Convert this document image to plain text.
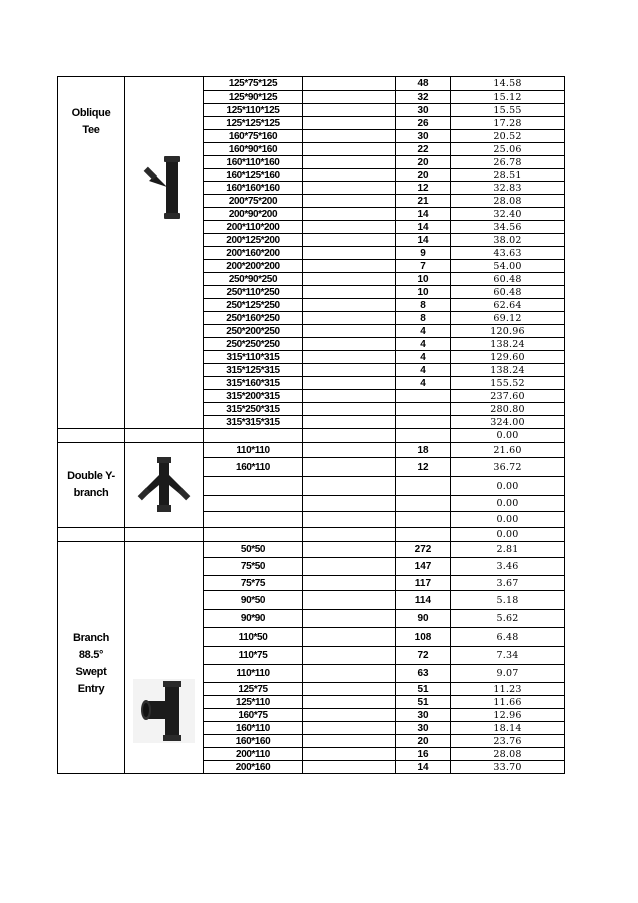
Oblique
Tee		125*75*125		48	14.58
		125*90*125		32	15.12
		125*110*125		30	15.55
		125*125*125		26	17.28
		160*75*160		30	20.52
		160*90*160		22	25.06
		160*110*160		20	26.78
		160*125*160		20	28.51
		160*160*160		12	32.83
		200*75*200		21	28.08
		200*90*200		14	32.40
		200*110*200		14	34.56
		200*125*200		14	38.02
		200*160*200		9	43.63
		200*200*200		7	54.00
		250*90*250		10	60.48
		250*110*250		10	60.48
		250*125*250		8	62.64
		250*160*250		8	69.12
		250*200*250		4	120.96
		250*250*250		4	138.24
		315*110*315		4	129.60
		315*125*315		4	138.24
		315*160*315		4	155.52
		315*200*315			237.60
		315*250*315			280.80
		315*315*315			324.00
					0.00
Double Y-
branch		110*110		18	21.60
		160*110		12	36.72
					0.00
					0.00
					0.00
					0.00
Branch
88.5°
Swept
Entry		50*50		272	2.81
		75*50		147	3.46
		75*75		117	3.67
		90*50		114	5.18
		90*90		90	5.62
		110*50		108	6.48
		110*75		72	7.34
		110*110		63	9.07
		125*75		51	11.23
		125*110		51	11.66
		160*75		30	12.96
		160*110		30	18.14
		160*160		20	23.76
		200*110		16	28.08
		200*160		14	33.70
